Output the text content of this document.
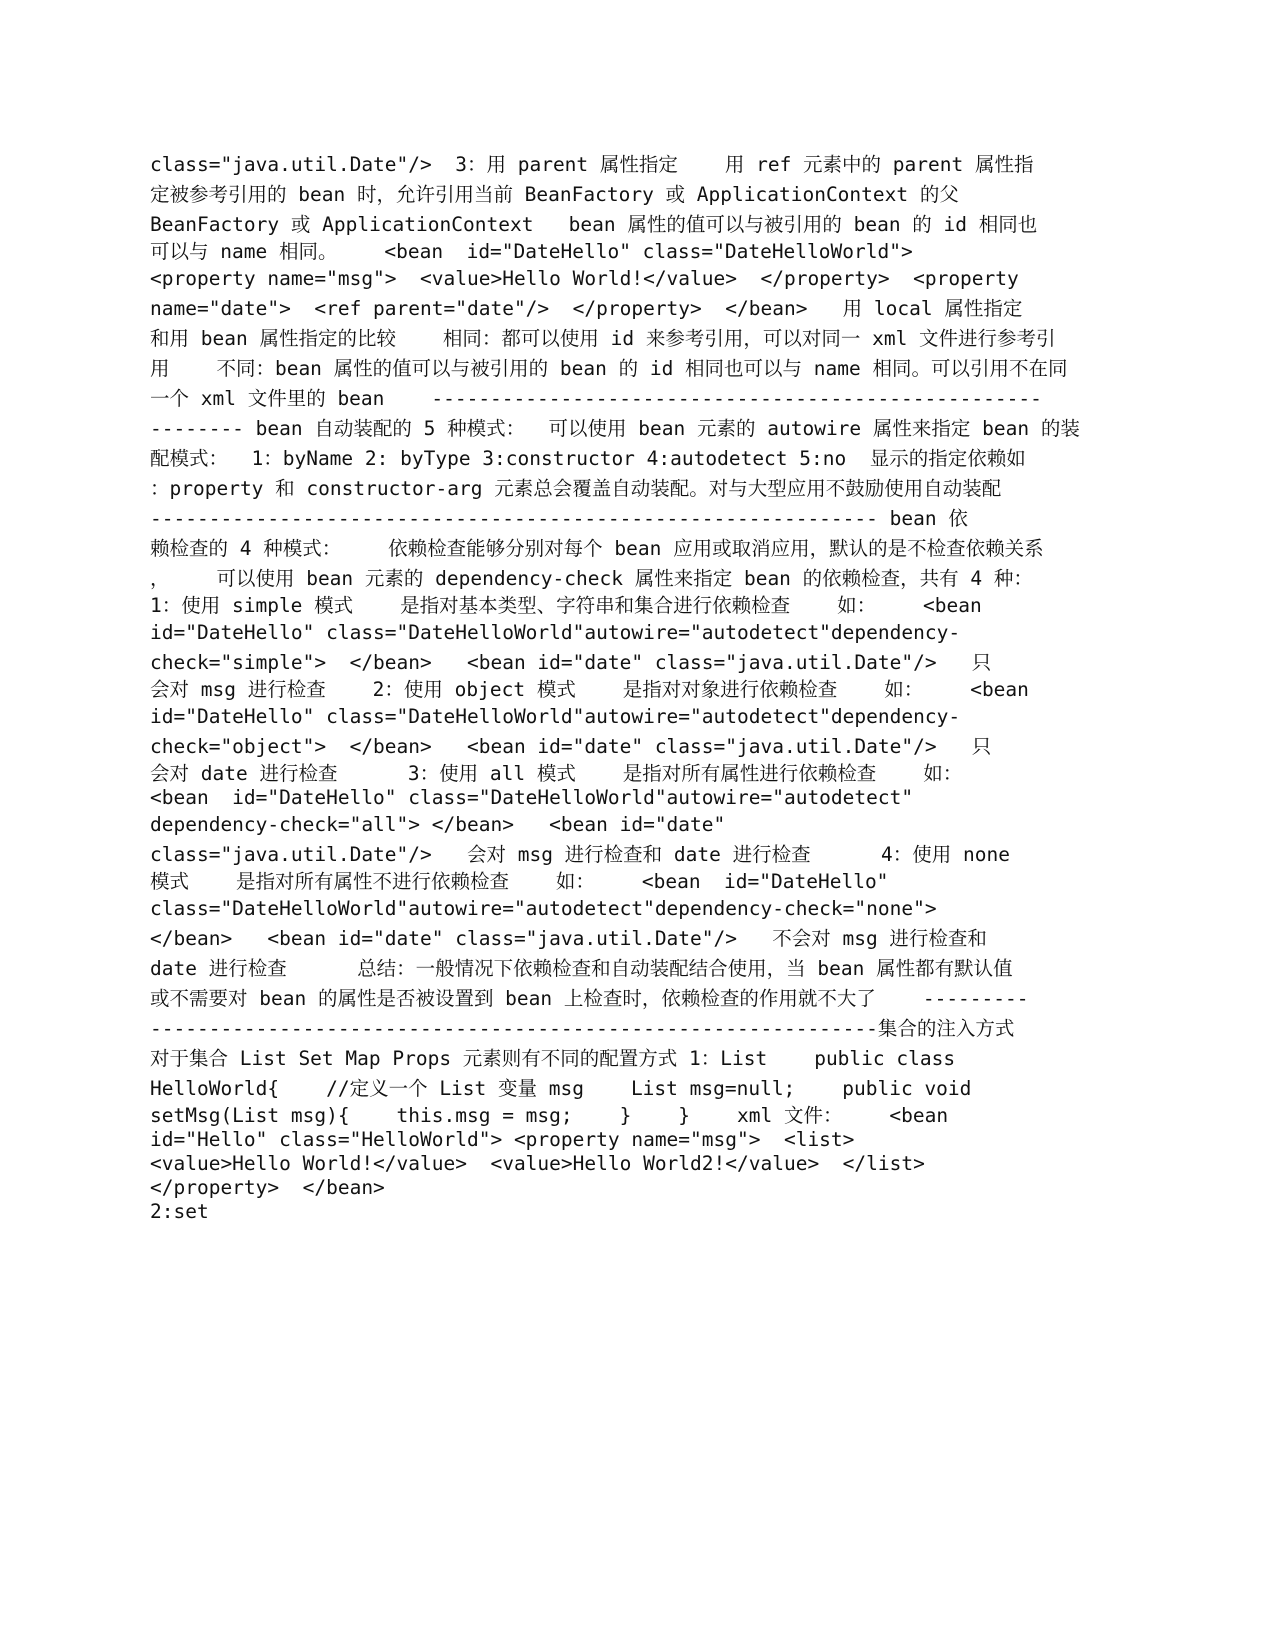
class="java.util.Date"/>  3：用 parent 属性指定    用 ref 元素中的 parent 属性指
定被参考引用的 bean 时，允许引用当前 BeanFactory 或 ApplicationContext 的父
BeanFactory 或 ApplicationContext   bean 属性的值可以与被引用的 bean 的 id 相同也
可以与 name 相同。    <bean  id="DateHello" class="DateHelloWorld">
<property name="msg">  <value>Hello World!</value>  </property>  <property
name="date">  <ref parent="date"/>  </property>  </bean>   用 local 属性指定
和用 bean 属性指定的比较    相同：都可以使用 id 来参考引用，可以对同一 xml 文件进行参考引
用    不同：bean 属性的值可以与被引用的 bean 的 id 相同也可以与 name 相同。可以引用不在同
一个 xml 文件里的 bean    ----------------------------------------------------
-------- bean 自动装配的 5 种模式：  可以使用 bean 元素的 autowire 属性来指定 bean 的装
配模式：  1：byName 2: byType 3:constructor 4:autodetect 5:no  显示的指定依赖如
：property 和 constructor-arg 元素总会覆盖自动装配。对与大型应用不鼓励使用自动装配
-------------------------------------------------------------- bean 依
赖检查的 4 种模式：    依赖检查能够分别对每个 bean 应用或取消应用，默认的是不检查依赖关系
，    可以使用 bean 元素的 dependency-check 属性来指定 bean 的依赖检查，共有 4 种：
1：使用 simple 模式    是指对基本类型、字符串和集合进行依赖检查    如：    <bean
id="DateHello" class="DateHelloWorld"autowire="autodetect"dependency-
check="simple">  </bean>   <bean id="date" class="java.util.Date"/>   只
会对 msg 进行检查    2：使用 object 模式    是指对对象进行依赖检查    如：    <bean
id="DateHello" class="DateHelloWorld"autowire="autodetect"dependency-
check="object">  </bean>   <bean id="date" class="java.util.Date"/>   只
会对 date 进行检查      3：使用 all 模式    是指对所有属性进行依赖检查    如：
<bean  id="DateHello" class="DateHelloWorld"autowire="autodetect"
dependency-check="all"> </bean>   <bean id="date"
class="java.util.Date"/>   会对 msg 进行检查和 date 进行检查      4：使用 none
模式    是指对所有属性不进行依赖检查    如：    <bean  id="DateHello"
class="DateHelloWorld"autowire="autodetect"dependency-check="none">
</bean>   <bean id="date" class="java.util.Date"/>   不会对 msg 进行检查和
date 进行检查      总结：一般情况下依赖检查和自动装配结合使用，当 bean 属性都有默认值
或不需要对 bean 的属性是否被设置到 bean 上检查时，依赖检查的作用就不大了    ---------
--------------------------------------------------------------集合的注入方式
对于集合 List Set Map Props 元素则有不同的配置方式 1：List    public class
HelloWorld{    //定义一个 List 变量 msg    List msg=null;    public void
setMsg(List msg){    this.msg = msg;    }    }    xml 文件：    <bean
id="Hello" class="HelloWorld"> <property name="msg">  <list>
<value>Hello World!</value>  <value>Hello World2!</value>  </list>
</property>  </bean>
2:set
